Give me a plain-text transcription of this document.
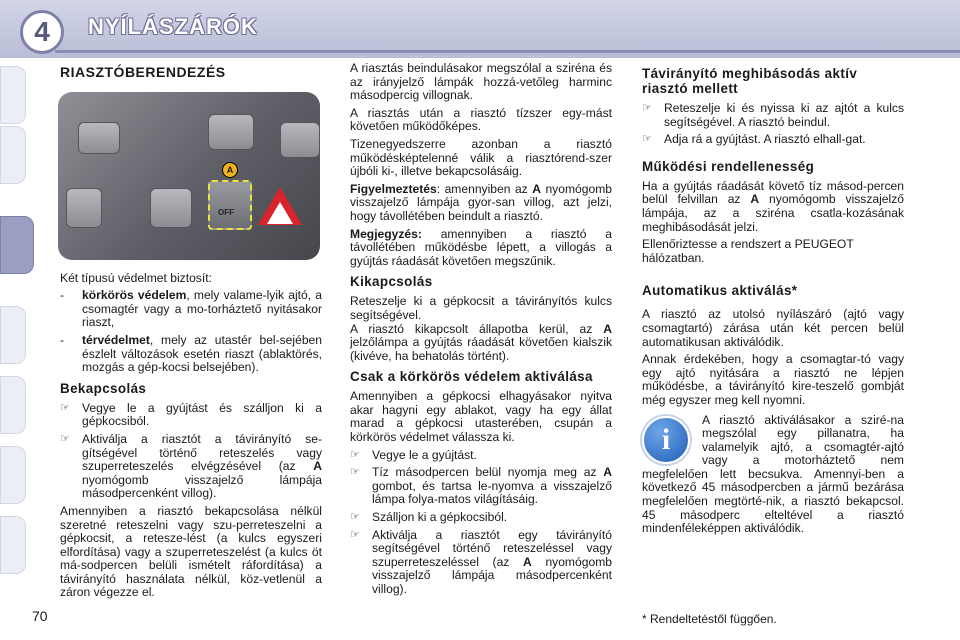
4	NYÍLÁSZÁRÓK
RIASZTÓBERENDEZÉS
A
OFF

Két típusú védelmet biztosít:

-	körkörös védelem, mely valame-lyik ajtó, a csomagtér vagy a mo-torháztető nyitásakor riaszt,
-	térvédelmet, mely az utastér bel-sejében észlelt változások esetén riaszt (ablaktörés, mozgás a gép-kocsi belsejében).
Bekapcsolás
☞	Vegye le a gyújtást és szálljon ki a gépkocsiból.
☞	Aktiválja a riasztót a távirányító se-gítségével történő reteszelés vagy szuperreteszelés elvégzésével (az A nyomógomb visszajelző lámpája másodpercenként villog).

Amennyiben a riasztó bekapcsolása nélkül szeretné reteszelni vagy szu-perreteszelni a gépkocsit, a retesze-lést (a kulcs egyszeri elfordítása) vagy a szuperreteszelést (a kulcs öt má-sodpercen belüli ismételt ráfordítása) a távirányító használata nélkül, köz-vetlenül a záron végezze el.

A riasztás beindulásakor megszólal a sziréna és az irányjelző lámpák hozzá-vetőleg harminc másodpercig villognak.

A riasztás után a riasztó tízszer egy-mást követően működőképes.

Tizenegyedszerre azonban a riasztó működésképtelenné válik a riasztórend-szer újbóli ki-, illetve bekapcsolásáig.

Figyelmeztetés: amennyiben az A nyomógomb visszajelző lámpája gyor-san villog, azt jelzi, hogy távollétében beindult a riasztó.

Megjegyzés: amennyiben a riasztó a távollétében működésbe lépett, a villogás a gyújtás ráadását követően megszűnik.

Kikapcsolás

Reteszelje ki a gépkocsit a távirányítós kulcs segítségével.

A riasztó kikapcsolt állapotba kerül, az A jelzőlámpa a gyújtás ráadását követően kialszik (kivéve, ha behatolás történt).

Csak a körkörös védelem aktiválása

Amennyiben a gépkocsi elhagyásakor nyitva akar hagyni egy ablakot, vagy ha egy állat marad a gépkocsi utasterében, csupán a körkörös védelmet válassza ki.

☞	Vegye le a gyújtást.
☞	Tíz másodpercen belül nyomja meg az A gombot, és tartsa le-nyomva a visszajelző lámpa folya-matos világításáig.
☞	Szálljon ki a gépkocsiból.
☞	Aktiválja a riasztót egy távirányító segítségével történő reteszeléssel vagy szuperreteszeléssel (az A nyomógomb visszajelző lámpája másodpercenként villog).
Távirányító meghibásodás aktív riasztó mellett
☞	Reteszelje ki és nyissa ki az ajtót a kulcs segítségével. A riasztó beindul.
☞	Adja rá a gyújtást. A riasztó elhall-gat.
Működési rendellenesség

Ha a gyújtás ráadását követő tíz másod-percen belül felvillan az A nyomógomb visszajelző lámpája, az a sziréna csatla-kozásának meghibásodását jelzi.

Ellenőriztesse a rendszert a PEUGEOT hálózatban.

Automatikus aktiválás*

A riasztó az utolsó nyílászáró (ajtó vagy csomagtartó) zárása után két percen belül automatikusan aktiválódik.

Annak érdekében, hogy a csomagtar-tó vagy egy ajtó nyitására a riasztó ne lépjen működésbe, a távirányító kire-teszelő gombját még egyszer meg kell nyomni.

i

A riasztó aktiválásakor a sziré-na megszólal egy pillanatra, ha valamelyik ajtó, a csomagtér-ajtó vagy a motorháztető nem megfelelően lett becsukva. Amennyi-ben a következő 45 másodpercben a jármű bezárása megfelelően megtörté-nik, a riasztó bekapcsol. 45 másodperc elteltével a riasztó mindenféleképpen aktiválódik.

70	* Rendeltetéstől függően.
